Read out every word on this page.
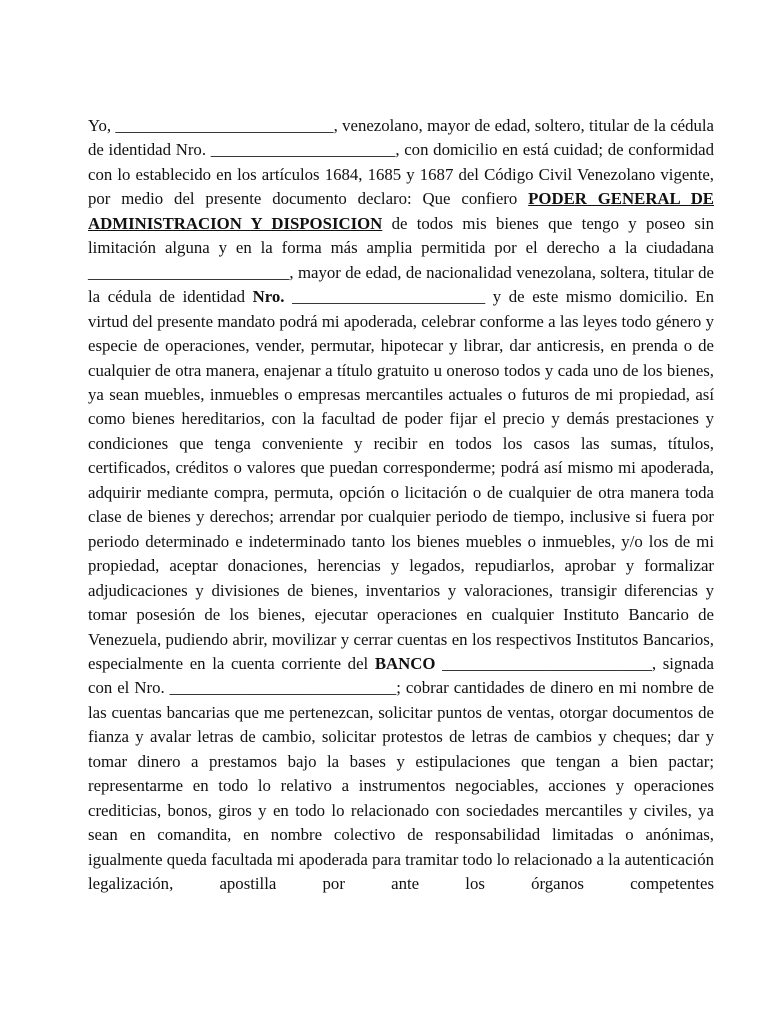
Yo, __________________________, venezolano, mayor de edad, soltero, titular de la cédula de identidad Nro. ______________________, con domicilio en está cuidad; de conformidad con lo establecido en los artículos 1684, 1685 y 1687 del Código Civil Venezolano vigente, por medio del presente documento declaro: Que confiero PODER GENERAL DE ADMINISTRACION Y DISPOSICION de todos mis bienes que tengo y poseo sin limitación alguna y en la forma más amplia permitida por el derecho a la ciudadana ________________________, mayor de edad, de nacionalidad venezolana, soltera, titular de la cédula de identidad Nro. _______________________ y de este mismo domicilio. En virtud del presente mandato podrá mi apoderada, celebrar conforme a las leyes todo género y especie de operaciones, vender, permutar, hipotecar y librar, dar anticresis, en prenda o de cualquier de otra manera, enajenar a título gratuito u oneroso todos y cada uno de los bienes, ya sean muebles, inmuebles o empresas mercantiles actuales o futuros de mi propiedad, así como bienes hereditarios, con la facultad de poder fijar el precio y demás prestaciones y condiciones que tenga conveniente y recibir en todos los casos las sumas, títulos, certificados, créditos o valores que puedan corresponderme; podrá así mismo mi apoderada, adquirir mediante compra, permuta, opción o licitación o de cualquier de otra manera toda clase de bienes y derechos; arrendar por cualquier periodo de tiempo, inclusive si fuera por periodo determinado e indeterminado tanto los bienes muebles o inmuebles, y/o los de mi propiedad, aceptar donaciones, herencias y legados, repudiarlos, aprobar y formalizar adjudicaciones y divisiones de bienes, inventarios y valoraciones, transigir diferencias y tomar posesión de los bienes, ejecutar operaciones en cualquier Instituto Bancario de Venezuela, pudiendo abrir, movilizar y cerrar cuentas en los respectivos Institutos Bancarios, especialmente en la cuenta corriente del BANCO _________________________, signada con el Nro. ___________________________; cobrar cantidades de dinero en mi nombre de las cuentas bancarias que me pertenezcan, solicitar puntos de ventas, otorgar documentos de fianza y avalar letras de cambio, solicitar protestos de letras de cambios y cheques; dar y tomar dinero a prestamos bajo la bases y estipulaciones que tengan a bien pactar; representarme en todo lo relativo a instrumentos negociables, acciones y operaciones crediticias, bonos, giros y en todo lo relacionado con sociedades mercantiles y civiles, ya sean en comandita, en nombre colectivo de responsabilidad limitadas o anónimas, igualmente queda facultada mi apoderada para tramitar todo lo relacionado a la autenticación legalización, apostilla por ante los órganos competentes
